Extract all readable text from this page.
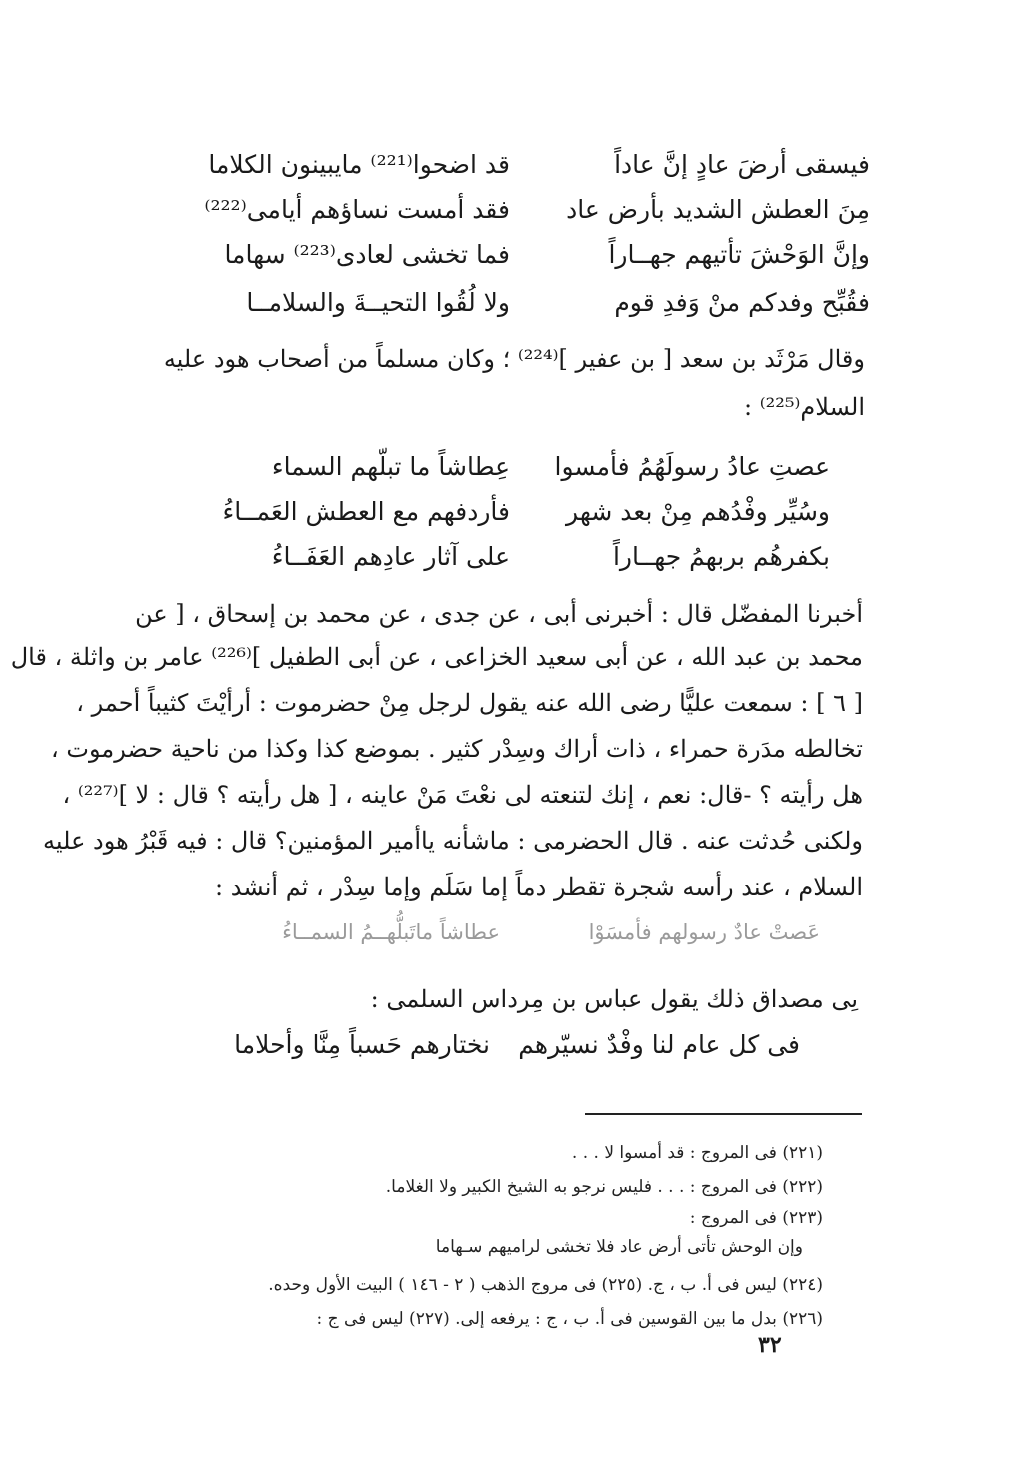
فيسقى أرضَ عادٍ إنَّ عاداً
قد اضحوا⁽²²¹⁾ مايبينون الكلاما
مِنَ العطش الشديد بأرض عاد
فقد أمست نساؤهم أيامى⁽²²²⁾
وإنَّ الوَحْشَ تأتيهم جهــاراً
فما تخشى لعادى⁽²²³⁾ سهاما
فقُبِّح وفدكم منْ وَفدِ قوم
ولا لُقُوا التحيــةَ والسلامــا
وقال مَرْثَد بن سعد [ بن عفير ]⁽²²⁴⁾ ؛ وكان مسلماً من أصحاب هود عليه
السلام⁽²²⁵⁾ :
عصتِ عادُ رسولَهُمُ فأمسوا
عِطاشاً ما تبلّهم السماء
وسُيِّر وفْدُهم مِنْ بعد شهر
فأردفهم مع العطش العَمــاءُ
بكفرهُم بربهمُ جهــاراً
على آثار عادِهم العَفَــاءُ
أخبرنا المفضّل قال : أخبرنى أبى ، عن جدى ، عن محمد بن إسحاق ، [ عن
محمد بن عبد الله ، عن أبى سعيد الخزاعى ، عن أبى الطفيل ]⁽²²⁶⁾ عامر بن واثلة ، قال
[ ٦ ] : سمعت عليًّا رضى الله عنه يقول لرجل مِنْ حضرموت : أرأيْتَ كثيباً أحمر ،
تخالطه مدَرة حمراء ، ذات أراك وسِدْر كثير . بموضع كذا وكذا من ناحية حضرموت ،
هل رأيته ؟ -قال: نعم ، إنك لتنعته لى نعْتَ مَنْ عاينه ، [ هل رأيته ؟ قال : لا ]⁽²²⁷⁾ ،
ولكنى حُدثت عنه . قال الحضرمى : ماشأنه ياأمير المؤمنين؟ قال : فيه قَبْرُ هود عليه
السلام ، عند رأسه شجرة تقطر دماً إما سَلَم وإما سِدْر ، ثم أنشد :
عَصتْ عادٌ رسولهم فأمسَوْا
عطاشاً ماتَبلُّهــمُ السمــاءُ
ىِى مصداق ذلك يقول عباس بن مِرداس السلمى :
فى كل عام لنا وفْدٌ نسيّرهم
نختارهم حَسباً مِنَّا وأحلاما
(٢٢١) فى المروج : قد أمسوا لا . . .
(٢٢٢) فى المروج : . . . فليس نرجو به الشيخ الكبير ولا الغلاما.
(٢٢٣) فى المروج :
وإن الوحش تأتى أرض عاد فلا تخشى لراميهم سـهاما
(٢٢٤) ليس فى أ. ب ، ج. (٢٢٥) فى مروج الذهب ( ٢ - ١٤٦ ) البيت الأول وحده.
(٢٢٦) بدل ما بين القوسين فى أ. ب ، ج : يرفعه إلى. (٢٢٧) ليس فى ج :
٣٢
